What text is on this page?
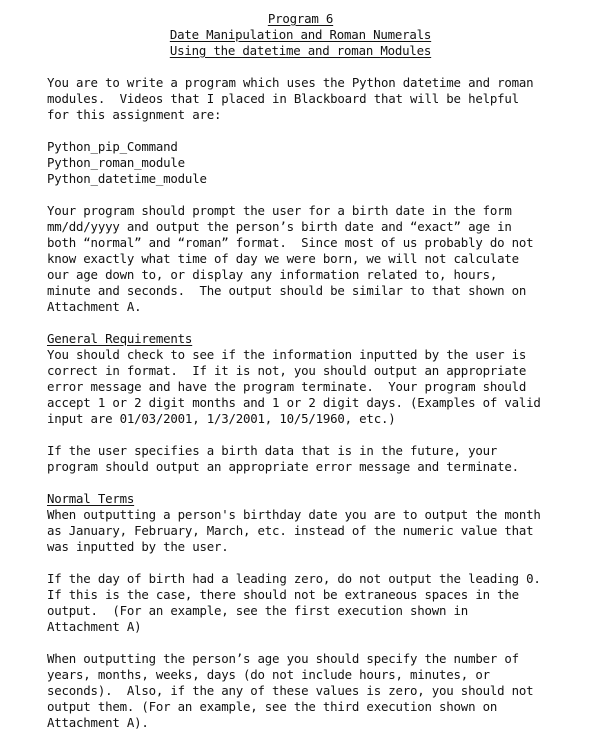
Program 6
Date Manipulation and Roman Numerals
Using the datetime and roman Modules
You are to write a program which uses the Python datetime and roman
modules.  Videos that I placed in Blackboard that will be helpful
for this assignment are:
Python_pip_Command
Python_roman_module
Python_datetime_module
Your program should prompt the user for a birth date in the form
mm/dd/yyyy and output the person’s birth date and “exact” age in
both “normal” and “roman” format.  Since most of us probably do not
know exactly what time of day we were born, we will not calculate
our age down to, or display any information related to, hours,
minute and seconds.  The output should be similar to that shown on
Attachment A.
General Requirements
You should check to see if the information inputted by the user is
correct in format.  If it is not, you should output an appropriate
error message and have the program terminate.  Your program should
accept 1 or 2 digit months and 1 or 2 digit days. (Examples of valid
input are 01/03/2001, 1/3/2001, 10/5/1960, etc.)
If the user specifies a birth data that is in the future, your
program should output an appropriate error message and terminate.
Normal Terms
When outputting a person's birthday date you are to output the month
as January, February, March, etc. instead of the numeric value that
was inputted by the user.
If the day of birth had a leading zero, do not output the leading 0.
If this is the case, there should not be extraneous spaces in the
output.  (For an example, see the first execution shown in
Attachment A)
When outputting the person’s age you should specify the number of
years, months, weeks, days (do not include hours, minutes, or
seconds).  Also, if the any of these values is zero, you should not
output them. (For an example, see the third execution shown on
Attachment A).
